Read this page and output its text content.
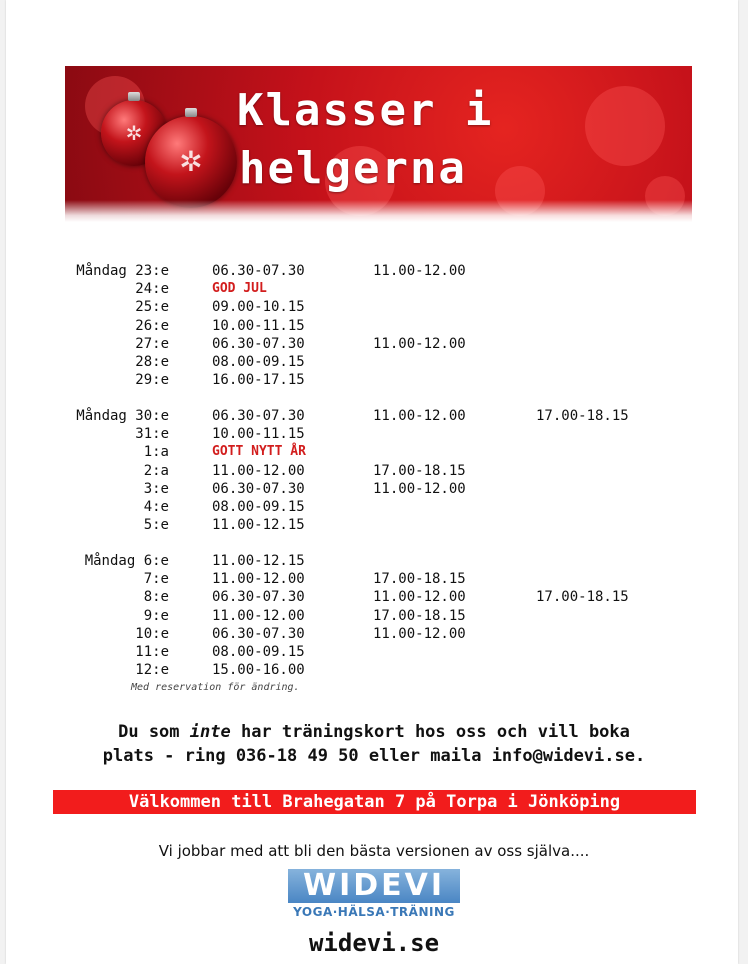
✲
✲
Klasser i
helgerna
Måndag 23:e	06.30-07.30	11.00-12.00
24:e	GOD JUL
25:e	09.00-10.15
26:e	10.00-11.15
27:e	06.30-07.30	11.00-12.00
28:e	08.00-09.15
29:e	16.00-17.15
Måndag 30:e	06.30-07.30	11.00-12.00	17.00-18.15
31:e	10.00-11.15
1:a	GOTT NYTT ÅR
2:a	11.00-12.00	17.00-18.15
3:e	06.30-07.30	11.00-12.00
4:e	08.00-09.15
5:e	11.00-12.15
Måndag 6:e	11.00-12.15
7:e	11.00-12.00	17.00-18.15
8:e	06.30-07.30	11.00-12.00	17.00-18.15
9:e	11.00-12.00	17.00-18.15
10:e	06.30-07.30	11.00-12.00
11:e	08.00-09.15
12:e	15.00-16.00
Med reservation för ändring.
Du som inte har träningskort hos oss och vill boka
plats - ring 036-18 49 50 eller maila info@widevi.se.
Välkommen till Brahegatan 7 på Torpa i Jönköping
Vi jobbar med att bli den bästa versionen av oss själva....
WIDEVI
YOGA·HÄLSA·TRÄNING
widevi.se
